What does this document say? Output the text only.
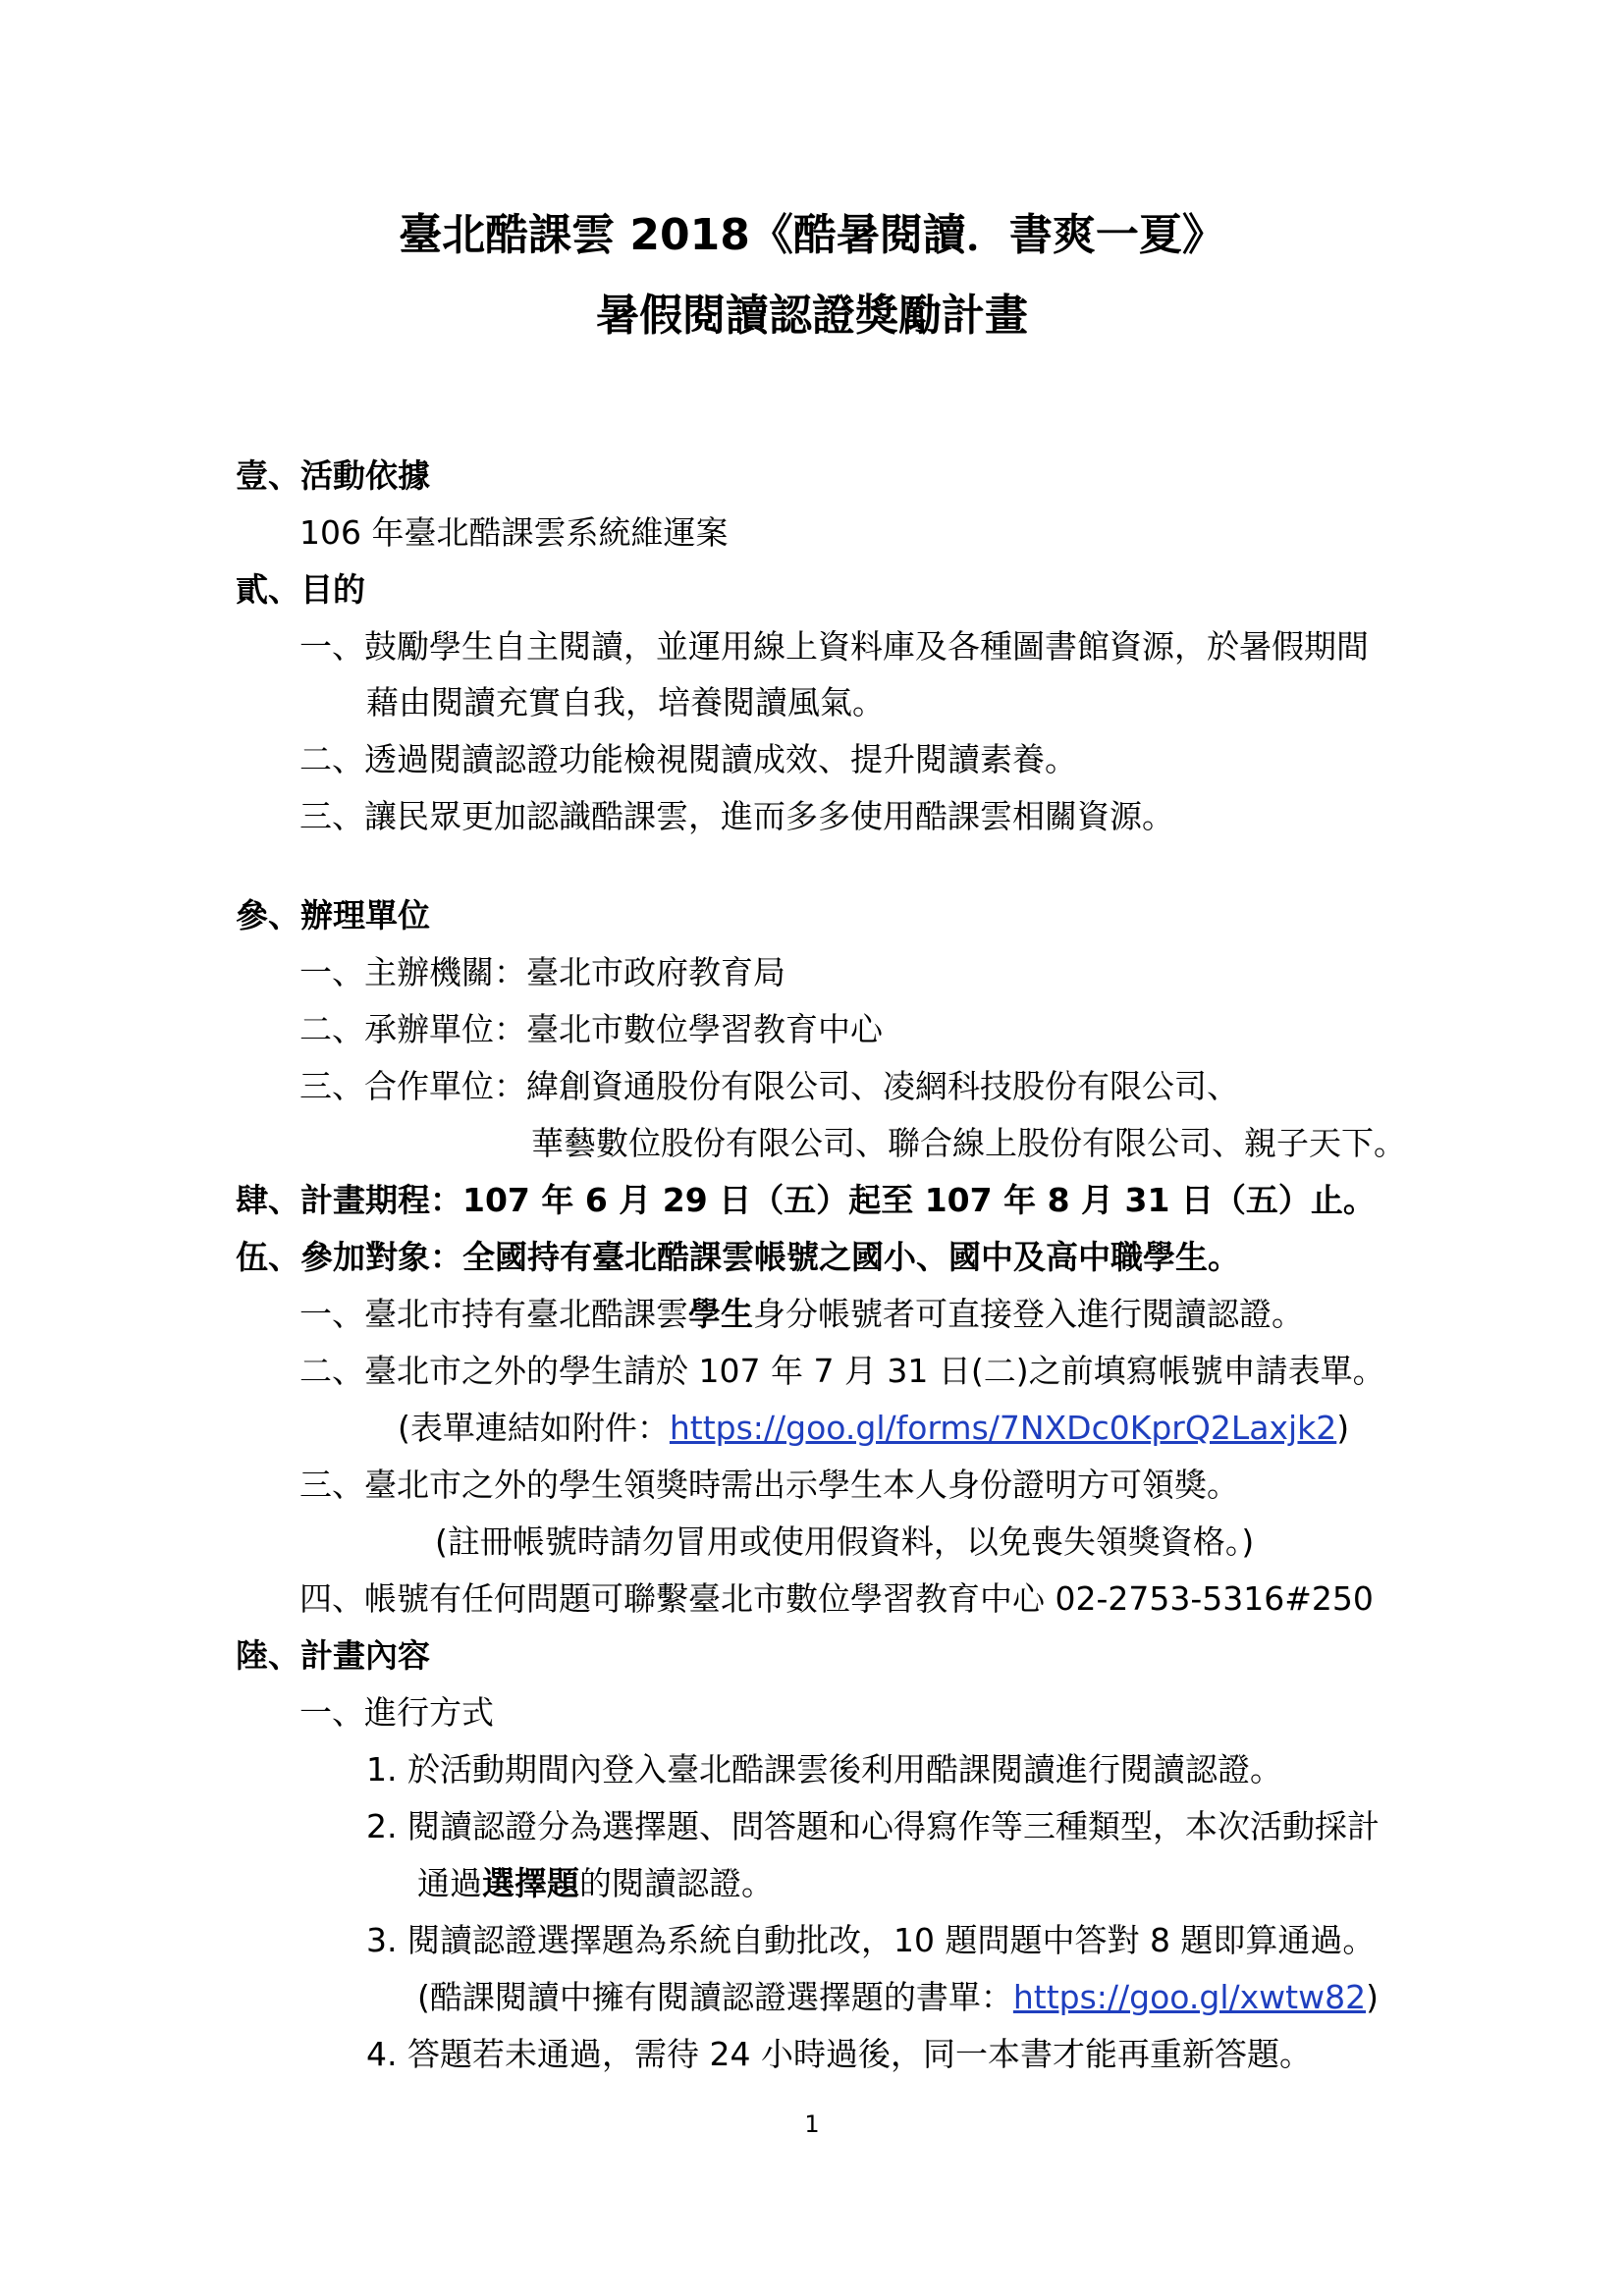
臺北酷課雲 2018《酷暑閱讀．書爽一夏》
暑假閱讀認證獎勵計畫
壹、活動依據
106 年臺北酷課雲系統維運案
貳、目的
一、鼓勵學生自主閱讀，並運用線上資料庫及各種圖書館資源，於暑假期間
藉由閱讀充實自我，培養閱讀風氣。
二、透過閱讀認證功能檢視閱讀成效、提升閱讀素養。
三、讓民眾更加認識酷課雲，進而多多使用酷課雲相關資源。
參、辦理單位
一、主辦機關：臺北市政府教育局
二、承辦單位：臺北市數位學習教育中心
三、合作單位：緯創資通股份有限公司、凌網科技股份有限公司、
華藝數位股份有限公司、聯合線上股份有限公司、親子天下。
肆、計畫期程：107 年 6 月 29 日（五）起至 107 年 8 月 31 日（五）止。
伍、參加對象：全國持有臺北酷課雲帳號之國小、國中及高中職學生。
一、臺北市持有臺北酷課雲學生身分帳號者可直接登入進行閱讀認證。
二、臺北市之外的學生請於 107 年 7 月 31 日(二)之前填寫帳號申請表單。
(表單連結如附件：https://goo.gl/forms/7NXDc0KprQ2Laxjk2)
三、臺北市之外的學生領獎時需出示學生本人身份證明方可領獎。
(註冊帳號時請勿冒用或使用假資料，以免喪失領獎資格。)
四、帳號有任何問題可聯繫臺北市數位學習教育中心 02-2753-5316#250
陸、計畫內容
一、進行方式
1. 於活動期間內登入臺北酷課雲後利用酷課閱讀進行閱讀認證。
2. 閱讀認證分為選擇題、問答題和心得寫作等三種類型，本次活動採計
通過選擇題的閱讀認證。
3. 閱讀認證選擇題為系統自動批改，10 題問題中答對 8 題即算通過。
(酷課閱讀中擁有閱讀認證選擇題的書單：https://goo.gl/xwtw82)
4. 答題若未通過，需待 24 小時過後，同一本書才能再重新答題。
1
